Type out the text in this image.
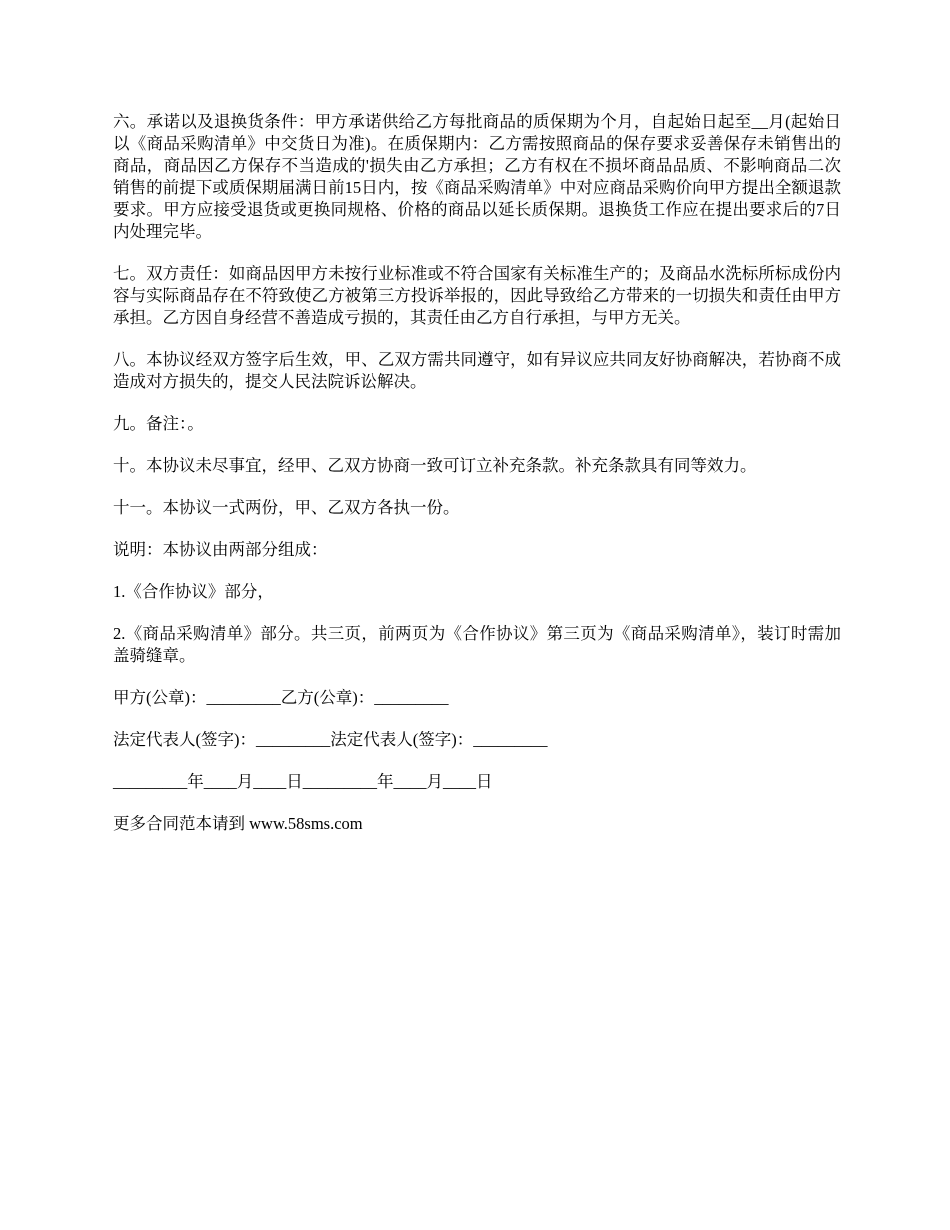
六。承诺以及退换货条件：甲方承诺供给乙方每批商品的质保期为个月，自起始日起至__月(起始日以《商品采购清单》中交货日为准)。在质保期内：乙方需按照商品的保存要求妥善保存未销售出的商品，商品因乙方保存不当造成的'损失由乙方承担；乙方有权在不损坏商品品质、不影响商品二次销售的前提下或质保期届满日前15日内，按《商品采购清单》中对应商品采购价向甲方提出全额退款要求。甲方应接受退货或更换同规格、价格的商品以延长质保期。退换货工作应在提出要求后的7日内处理完毕。

七。双方责任：如商品因甲方未按行业标准或不符合国家有关标准生产的；及商品水洗标所标成份内容与实际商品存在不符致使乙方被第三方投诉举报的，因此导致给乙方带来的一切损失和责任由甲方承担。乙方因自身经营不善造成亏损的，其责任由乙方自行承担，与甲方无关。

八。本协议经双方签字后生效，甲、乙双方需共同遵守，如有异议应共同友好协商解决，若协商不成造成对方损失的，提交人民法院诉讼解决。

九。备注：。

十。本协议未尽事宜，经甲、乙双方协商一致可订立补充条款。补充条款具有同等效力。

十一。本协议一式两份，甲、乙双方各执一份。

说明：本协议由两部分组成：

1.《合作协议》部分，

2.《商品采购清单》部分。共三页，前两页为《合作协议》第三页为《商品采购清单》，装订时需加盖骑缝章。

甲方(公章)：_________乙方(公章)：_________

法定代表人(签字)：_________法定代表人(签字)：_________

_________年____月____日_________年____月____日

更多合同范本请到 www.58sms.com
